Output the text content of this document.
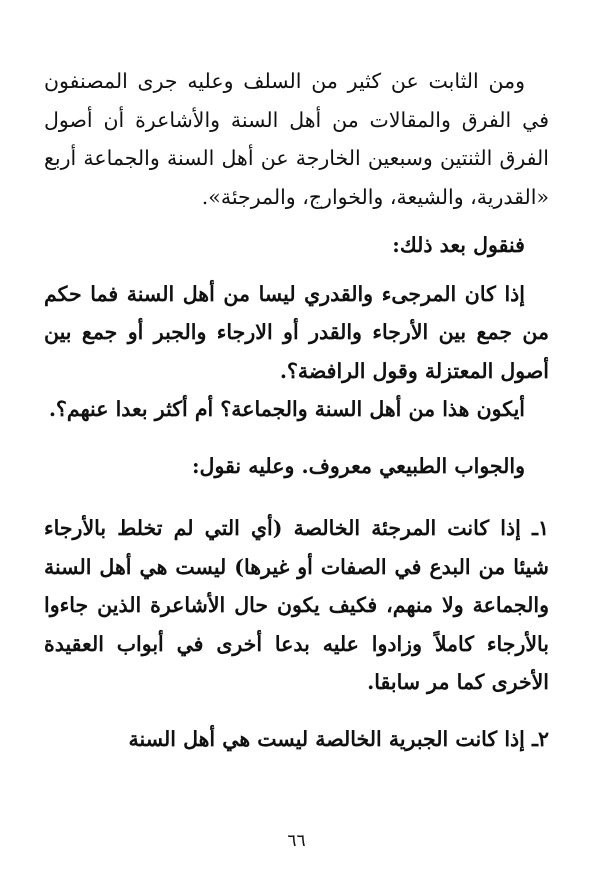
ومن الثابت عن كثير من السلف وعليه جرى المصنفون في الفرق والمقالات من أهل السنة والأشاعرة أن أصول الفرق الثنتين وسبعين الخارجة عن أهل السنة والجماعة أربع «القدرية، والشيعة، والخوارج، والمرجئة».

فنقول بعد ذلك:

إذا كان المرجىء والقدري ليسا من أهل السنة فما حكم من جمع بين الأرجاء والقدر أو الارجاء والجبر أو جمع بين أصول المعتزلة وقول الرافضة؟.

أيكون هذا من أهل السنة والجماعة؟ أم أكثر بعدا عنهم؟.

والجواب الطبيعي معروف. وعليه نقول:

١ـ إذا كانت المرجئة الخالصة (أي التي لم تخلط بالأرجاء شيئا من البدع في الصفات أو غيرها) ليست هي أهل السنة والجماعة ولا منهم، فكيف يكون حال الأشاعرة الذين جاءوا بالأرجاء كاملاً وزادوا عليه بدعا أخرى في أبواب العقيدة الأخرى كما مر سابقا.

٢ـ إذا كانت الجبرية الخالصة ليست هي أهل السنة

٦٦
